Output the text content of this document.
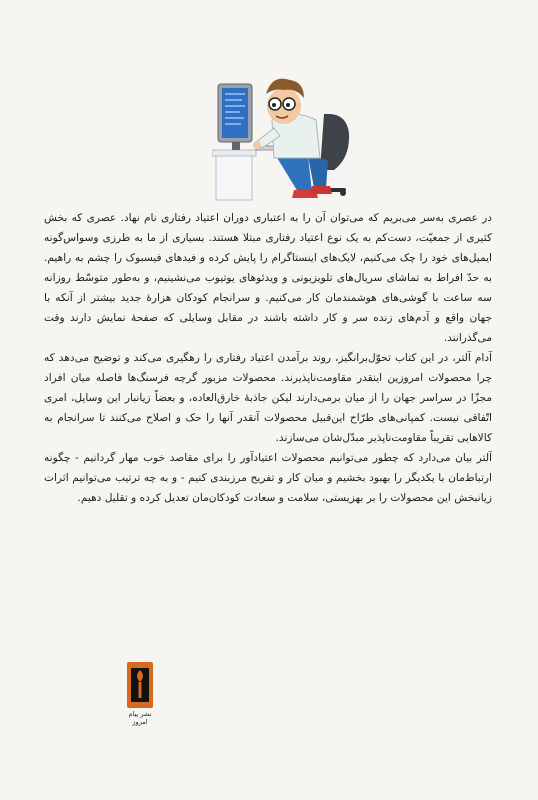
در عصری به‌سر می‌بریم که می‌توان آن را به اعتباری دوران اعتیاد رفتاری نام نهاد. عصری که بخش کثیری از جمعیّت، دست‌کم به یک نوع اعتیاد رفتاری مبتلا هستند. بسیاری از ما به طرزی وسواس‌گونه ایمیل‌های خود را چک می‌کنیم، لایک‌های اینستاگرام را پایش کرده و فیدهای فیسبوک را چشم به راهیم. به حدّ افراط به تماشای سریال‌های تلویزیونی و ویدئوهای یوتیوب می‌نشینیم، و به‌طور متوسّط روزانه سه ساعت با گوشی‌های هوشمندمان کار می‌کنیم. و سرانجام کودکان هزارهٔ جدید بیشتر از آنکه با جهان واقع و آدم‌های زنده سر و کار داشته باشند در مقابل وسایلی که صفحهٔ نمایش دارند وقت می‌گذرانند.

آدام آلتر، در این کتاب تحوّل‌برانگیز، روند برآمدن اعتیاد رفتاری را رهگیری می‌کند و توضیح می‌دهد که چرا محصولات امروزین اینقدر مقاومت‌ناپذیرند. محصولات مزبور گرچه فرسنگ‌ها فاصله میان افراد مجزّا در سراسر جهان را از میان برمی‌دارند لیکن جاذبهٔ خارق‌العاده، و بعضاً زیانبار این وسایل، امری اتّفاقی نیست. کمپانی‌های طرّاح این‌قبیل محصولات آنقدر آنها را حک و اصلاح می‌کنند تا سرانجام به کالاهایی تقریباً مقاومت‌ناپذیر مبدّل‌شان می‌سازند.

آلتر بیان می‌دارد که چطور می‌توانیم محصولات اعتیادآور را برای مقاصد خوب مهار گردانیم - چگونه ارتباط‌مان با یکدیگر را بهبود بخشیم و میان کار و تفریح مرزبندی کنیم - و به چه ترتیب می‌توانیم اثرات زیانبخش این محصولات را بر بهزیستی، سلامت و سعادت کودکان‌مان تعدیل کرده و تقلیل دهیم.

نشر پیام امروز
